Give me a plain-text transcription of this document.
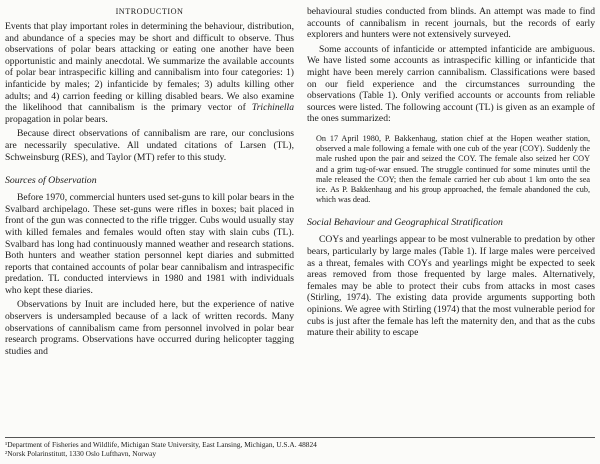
INTRODUCTION

Events that play important roles in determining the behaviour, distribution, and abundance of a species may be short and difficult to observe. Thus observations of polar bears attacking or eating one another have been opportunistic and mainly anecdotal. We summarize the available accounts of polar bear intraspecific killing and cannibalism into four categories: 1) infanticide by males; 2) infanticide by females; 3) adults killing other adults; and 4) carrion feeding or killing disabled bears. We also examine the likelihood that cannibalism is the primary vector of Trichinella propagation in polar bears.

Because direct observations of cannibalism are rare, our conclusions are necessarily speculative. All undated citations of Larsen (TL), Schweinsburg (RES), and Taylor (MT) refer to this study.

Sources of Observation

Before 1970, commercial hunters used set-guns to kill polar bears in the Svalbard archipelago. These set-guns were rifles in boxes; bait placed in front of the gun was connected to the rifle trigger. Cubs would usually stay with killed females and females would often stay with slain cubs (TL). Svalbard has long had continuously manned weather and research stations. Both hunters and weather station personnel kept diaries and submitted reports that contained accounts of polar bear cannibalism and intraspecific predation. TL conducted interviews in 1980 and 1981 with individuals who kept these diaries.

Observations by Inuit are included here, but the experience of native observers is undersampled because of a lack of written records. Many observations of cannibalism came from personnel involved in polar bear research programs. Observations have occurred during helicopter tagging studies and

behavioural studies conducted from blinds. An attempt was made to find accounts of cannibalism in recent journals, but the records of early explorers and hunters were not extensively surveyed.

Some accounts of infanticide or attempted infanticide are ambiguous. We have listed some accounts as intraspecific killing or infanticide that might have been merely carrion cannibalism. Classifications were based on our field experience and the circumstances surrounding the observations (Table 1). Only verified accounts or accounts from reliable sources were listed. The following account (TL) is given as an example of the ones summarized:

On 17 April 1980, P. Bakkenhaug, station chief at the Hopen weather station, observed a male following a female with one cub of the year (COY). Suddenly the male rushed upon the pair and seized the COY. The female also seized her COY and a grim tug-of-war ensued. The struggle continued for some minutes until the male released the COY; then the female carried her cub about 1 km onto the sea ice. As P. Bakkenhaug and his group approached, the female abandoned the cub, which was dead.

Social Behaviour and Geographical Stratification

COYs and yearlings appear to be most vulnerable to predation by other bears, particularly by large males (Table 1). If large males were perceived as a threat, females with COYs and yearlings might be expected to seek areas removed from those frequented by large males. Alternatively, females may be able to protect their cubs from attacks in most cases (Stirling, 1974). The existing data provide arguments supporting both opinions. We agree with Stirling (1974) that the most vulnerable period for cubs is just after the female has left the maternity den, and that as the cubs mature their ability to escape

¹Department of Fisheries and Wildlife, Michigan State University, East Lansing, Michigan, U.S.A. 48824

²Norsk Polarinstitutt, 1330 Oslo Lufthavn, Norway
